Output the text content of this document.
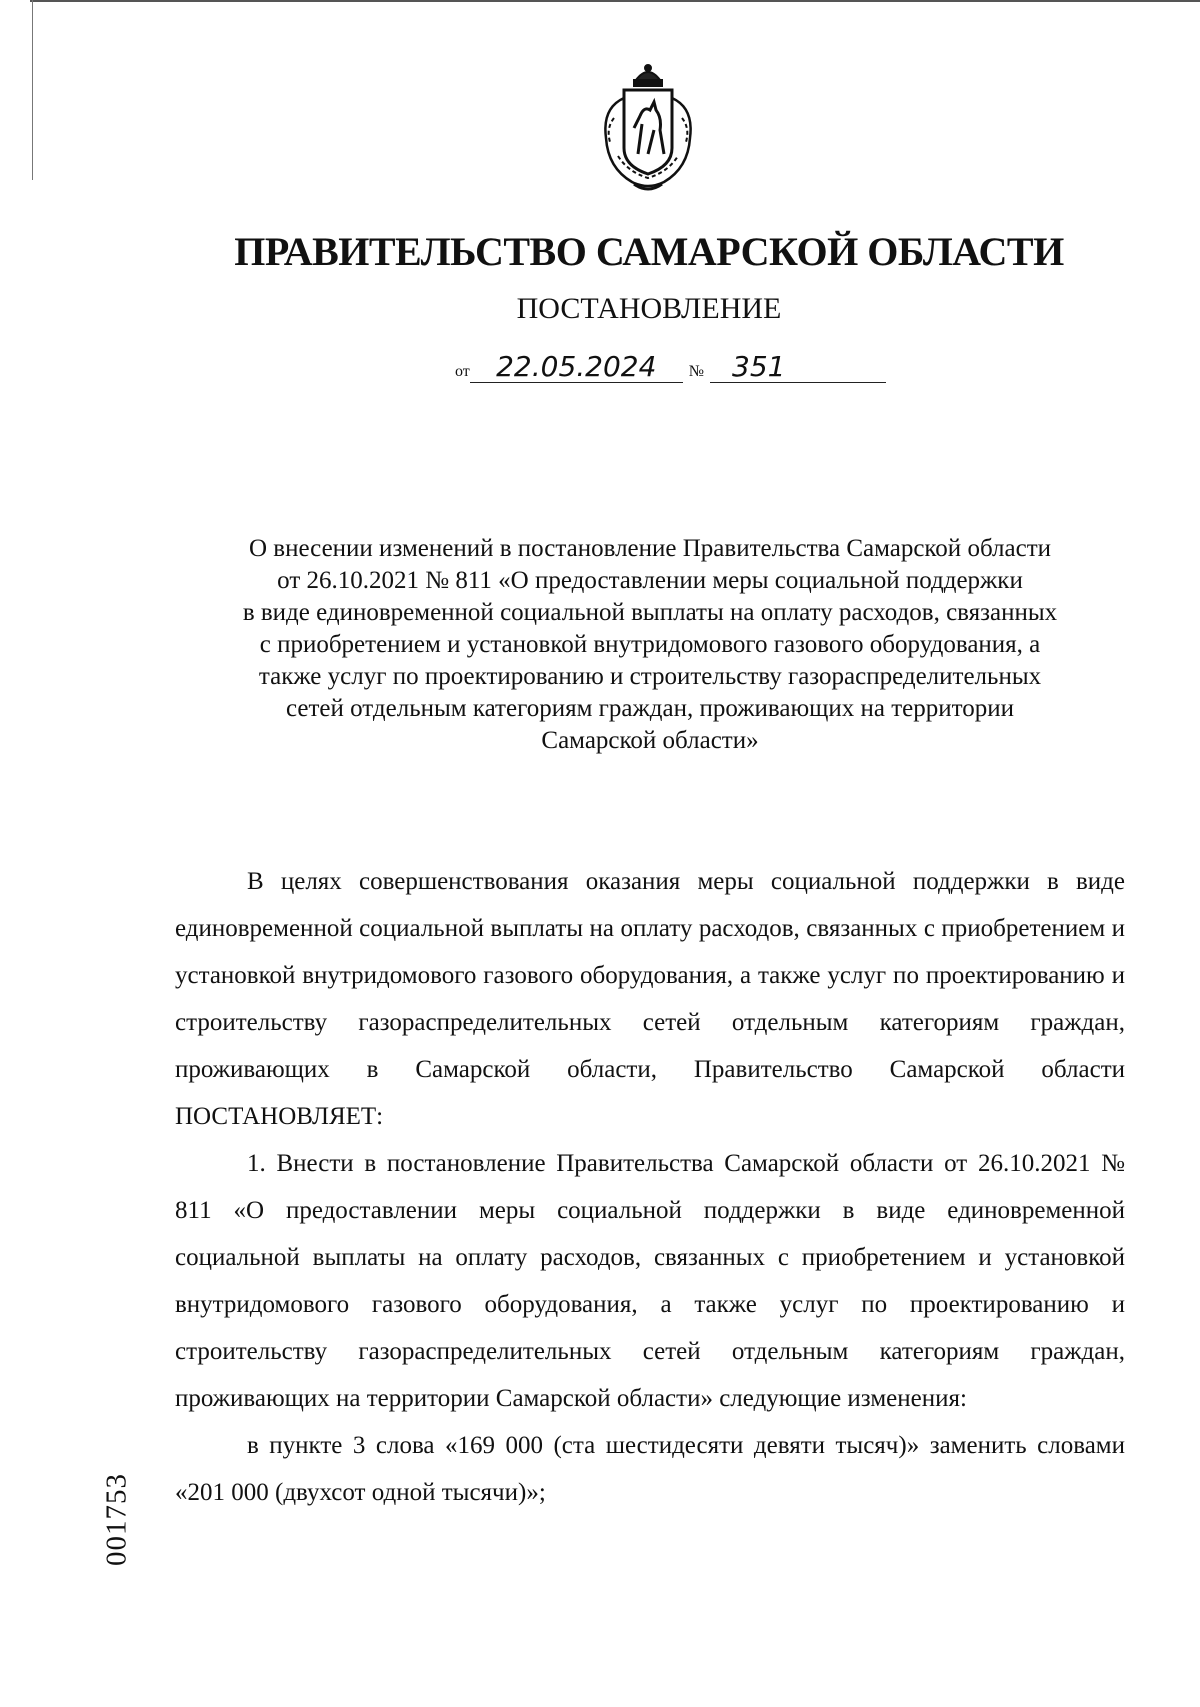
ПРАВИТЕЛЬСТВО САМАРСКОЙ ОБЛАСТИ
ПОСТАНОВЛЕНИЕ
от 22.05.2024 № 351
О внесении изменений в постановление Правительства Самарской области
от 26.10.2021 № 811 «О предоставлении меры социальной поддержки
в виде единовременной социальной выплаты на оплату расходов, связанных
с приобретением и установкой внутридомового газового оборудования, а
также услуг по проектированию и строительству газораспределительных
сетей отдельным категориям граждан, проживающих на территории
Самарской области»

В целях совершенствования оказания меры социальной поддержки в виде единовременной социальной выплаты на оплату расходов, связанных с приобретением и установкой внутридомового газового оборудования, а также услуг по проектированию и строительству газораспределительных сетей отдельным категориям граждан, проживающих в Самарской области, Правительство Самарской области ПОСТАНОВЛЯЕТ:

1. Внести в постановление Правительства Самарской области от 26.10.2021 № 811 «О предоставлении меры социальной поддержки в виде единовременной социальной выплаты на оплату расходов, связанных с приобретением и установкой внутридомового газового оборудования, а также услуг по проектированию и строительству газораспределительных сетей отдельным категориям граждан, проживающих на территории Самарской области» следующие изменения:

в пункте 3 слова «169 000 (ста шестидесяти девяти тысяч)» заменить словами «201 000 (двухсот одной тысячи)»;

001753
